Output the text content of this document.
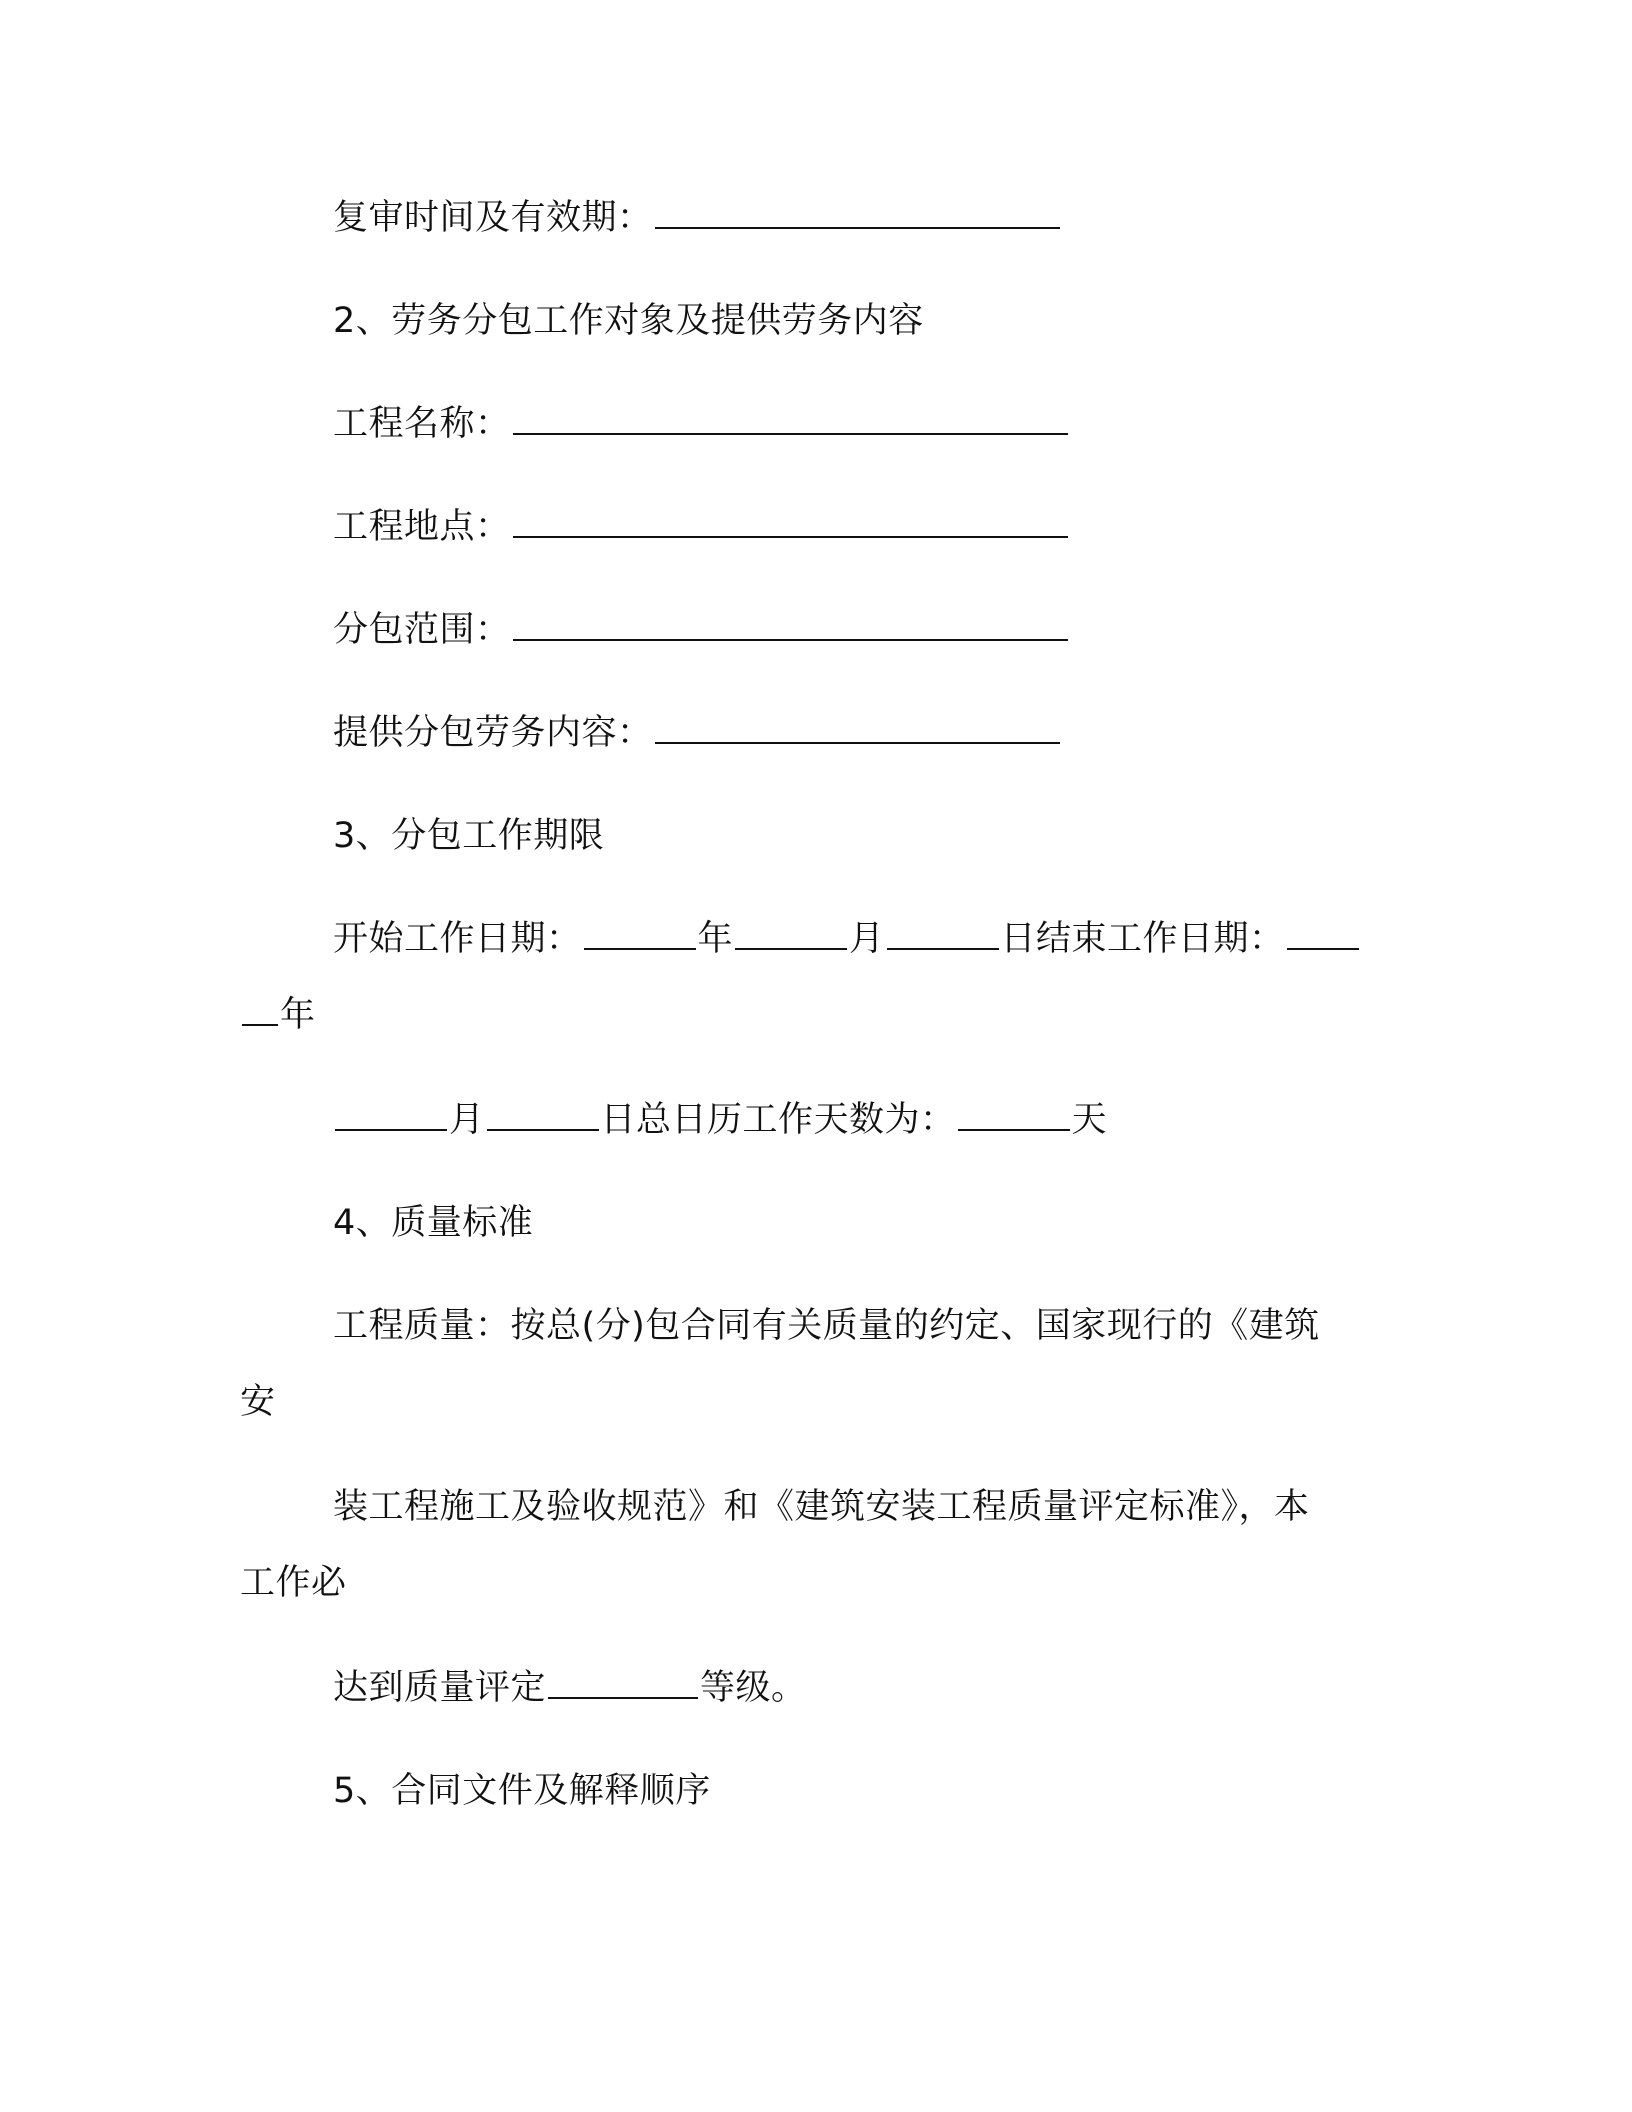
复审时间及有效期：
2、劳务分包工作对象及提供劳务内容
工程名称：
工程地点：
分包范围：
提供分包劳务内容：
3、分包工作期限
开始工作日期：	年	月	日结束工作日期：
年
月	日总日历工作天数为：	天
4、质量标准
工程质量：按总(分)包合同有关质量的约定、国家现行的《建筑
安
装工程施工及验收规范》和《建筑安装工程质量评定标准》，本
工作必
达到质量评定	等级。
5、合同文件及解释顺序
